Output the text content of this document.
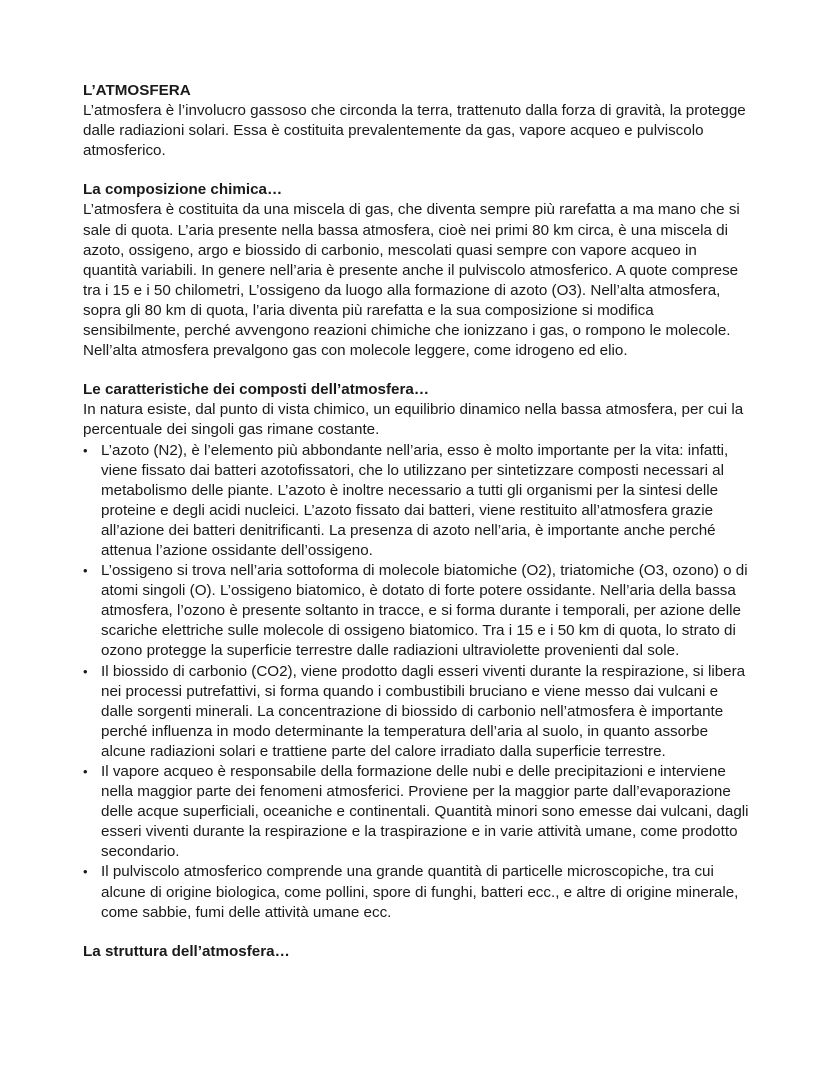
L’ATMOSFERA

L’atmosfera è l’involucro gassoso che circonda la terra, trattenuto dalla forza di gravità, la protegge dalle radiazioni solari. Essa è costituita prevalentemente da gas, vapore acqueo e pulviscolo atmosferico.

La composizione chimica…

L’atmosfera è costituita da una miscela di gas, che diventa sempre più rarefatta a ma mano che si sale di quota. L’aria presente nella bassa atmosfera, cioè nei primi 80 km circa, è una miscela di azoto, ossigeno, argo e biossido di carbonio, mescolati quasi sempre con vapore acqueo in quantità variabili. In genere nell’aria è presente anche il pulviscolo atmosferico. A quote comprese tra i 15 e i 50 chilometri, L’ossigeno da luogo alla formazione di azoto (O3). Nell’alta atmosfera, sopra gli 80 km di quota, l’aria diventa più rarefatta e la sua composizione si modifica sensibilmente, perché avvengono reazioni chimiche che ionizzano i gas, o rompono le molecole. Nell’alta atmosfera prevalgono gas con molecole leggere, come idrogeno ed elio.

Le caratteristiche dei composti dell’atmosfera…

In natura esiste, dal punto di vista chimico, un equilibrio dinamico nella bassa atmosfera, per cui la percentuale dei singoli gas rimane costante.

• L’azoto (N2), è l’elemento più abbondante nell’aria, esso è molto importante per la vita: infatti, viene fissato dai batteri azotofissatori, che lo utilizzano per sintetizzare composti necessari al metabolismo delle piante. L’azoto è inoltre necessario a tutti gli organismi per la sintesi delle proteine e degli acidi nucleici. L’azoto fissato dai batteri, viene restituito all’atmosfera grazie all’azione dei batteri denitrificanti. La presenza di azoto nell’aria, è importante anche perché attenua l’azione ossidante dell’ossigeno.
• L’ossigeno si trova nell’aria sottoforma di molecole biatomiche (O2), triatomiche (O3, ozono) o di atomi singoli (O). L’ossigeno biatomico, è dotato di forte potere ossidante. Nell’aria della bassa atmosfera, l’ozono è presente soltanto in tracce, e si forma durante i temporali, per azione delle scariche elettriche sulle molecole di ossigeno biatomico. Tra i 15 e i 50 km di quota, lo strato di ozono protegge la superficie terrestre dalle radiazioni ultraviolette provenienti dal sole.
• Il biossido di carbonio (CO2), viene prodotto dagli esseri viventi durante la respirazione, si libera nei processi putrefattivi, si forma quando i combustibili bruciano e viene messo dai vulcani e dalle sorgenti minerali. La concentrazione di biossido di carbonio nell’atmosfera è importante perché influenza in modo determinante la temperatura dell’aria al suolo, in quanto assorbe alcune radiazioni solari e trattiene parte del calore irradiato dalla superficie terrestre.
• Il vapore acqueo è responsabile della formazione delle nubi e delle precipitazioni e interviene nella maggior parte dei fenomeni atmosferici. Proviene per la maggior parte dall’evaporazione delle acque superficiali, oceaniche e continentali. Quantità minori sono emesse dai vulcani, dagli esseri viventi durante la respirazione e la traspirazione e in varie attività umane, come prodotto secondario.
• Il pulviscolo atmosferico comprende una grande quantità di particelle microscopiche, tra cui alcune di origine biologica, come pollini, spore di funghi, batteri ecc., e altre di origine minerale, come sabbie, fumi delle attività umane ecc.
La struttura dell’atmosfera…
